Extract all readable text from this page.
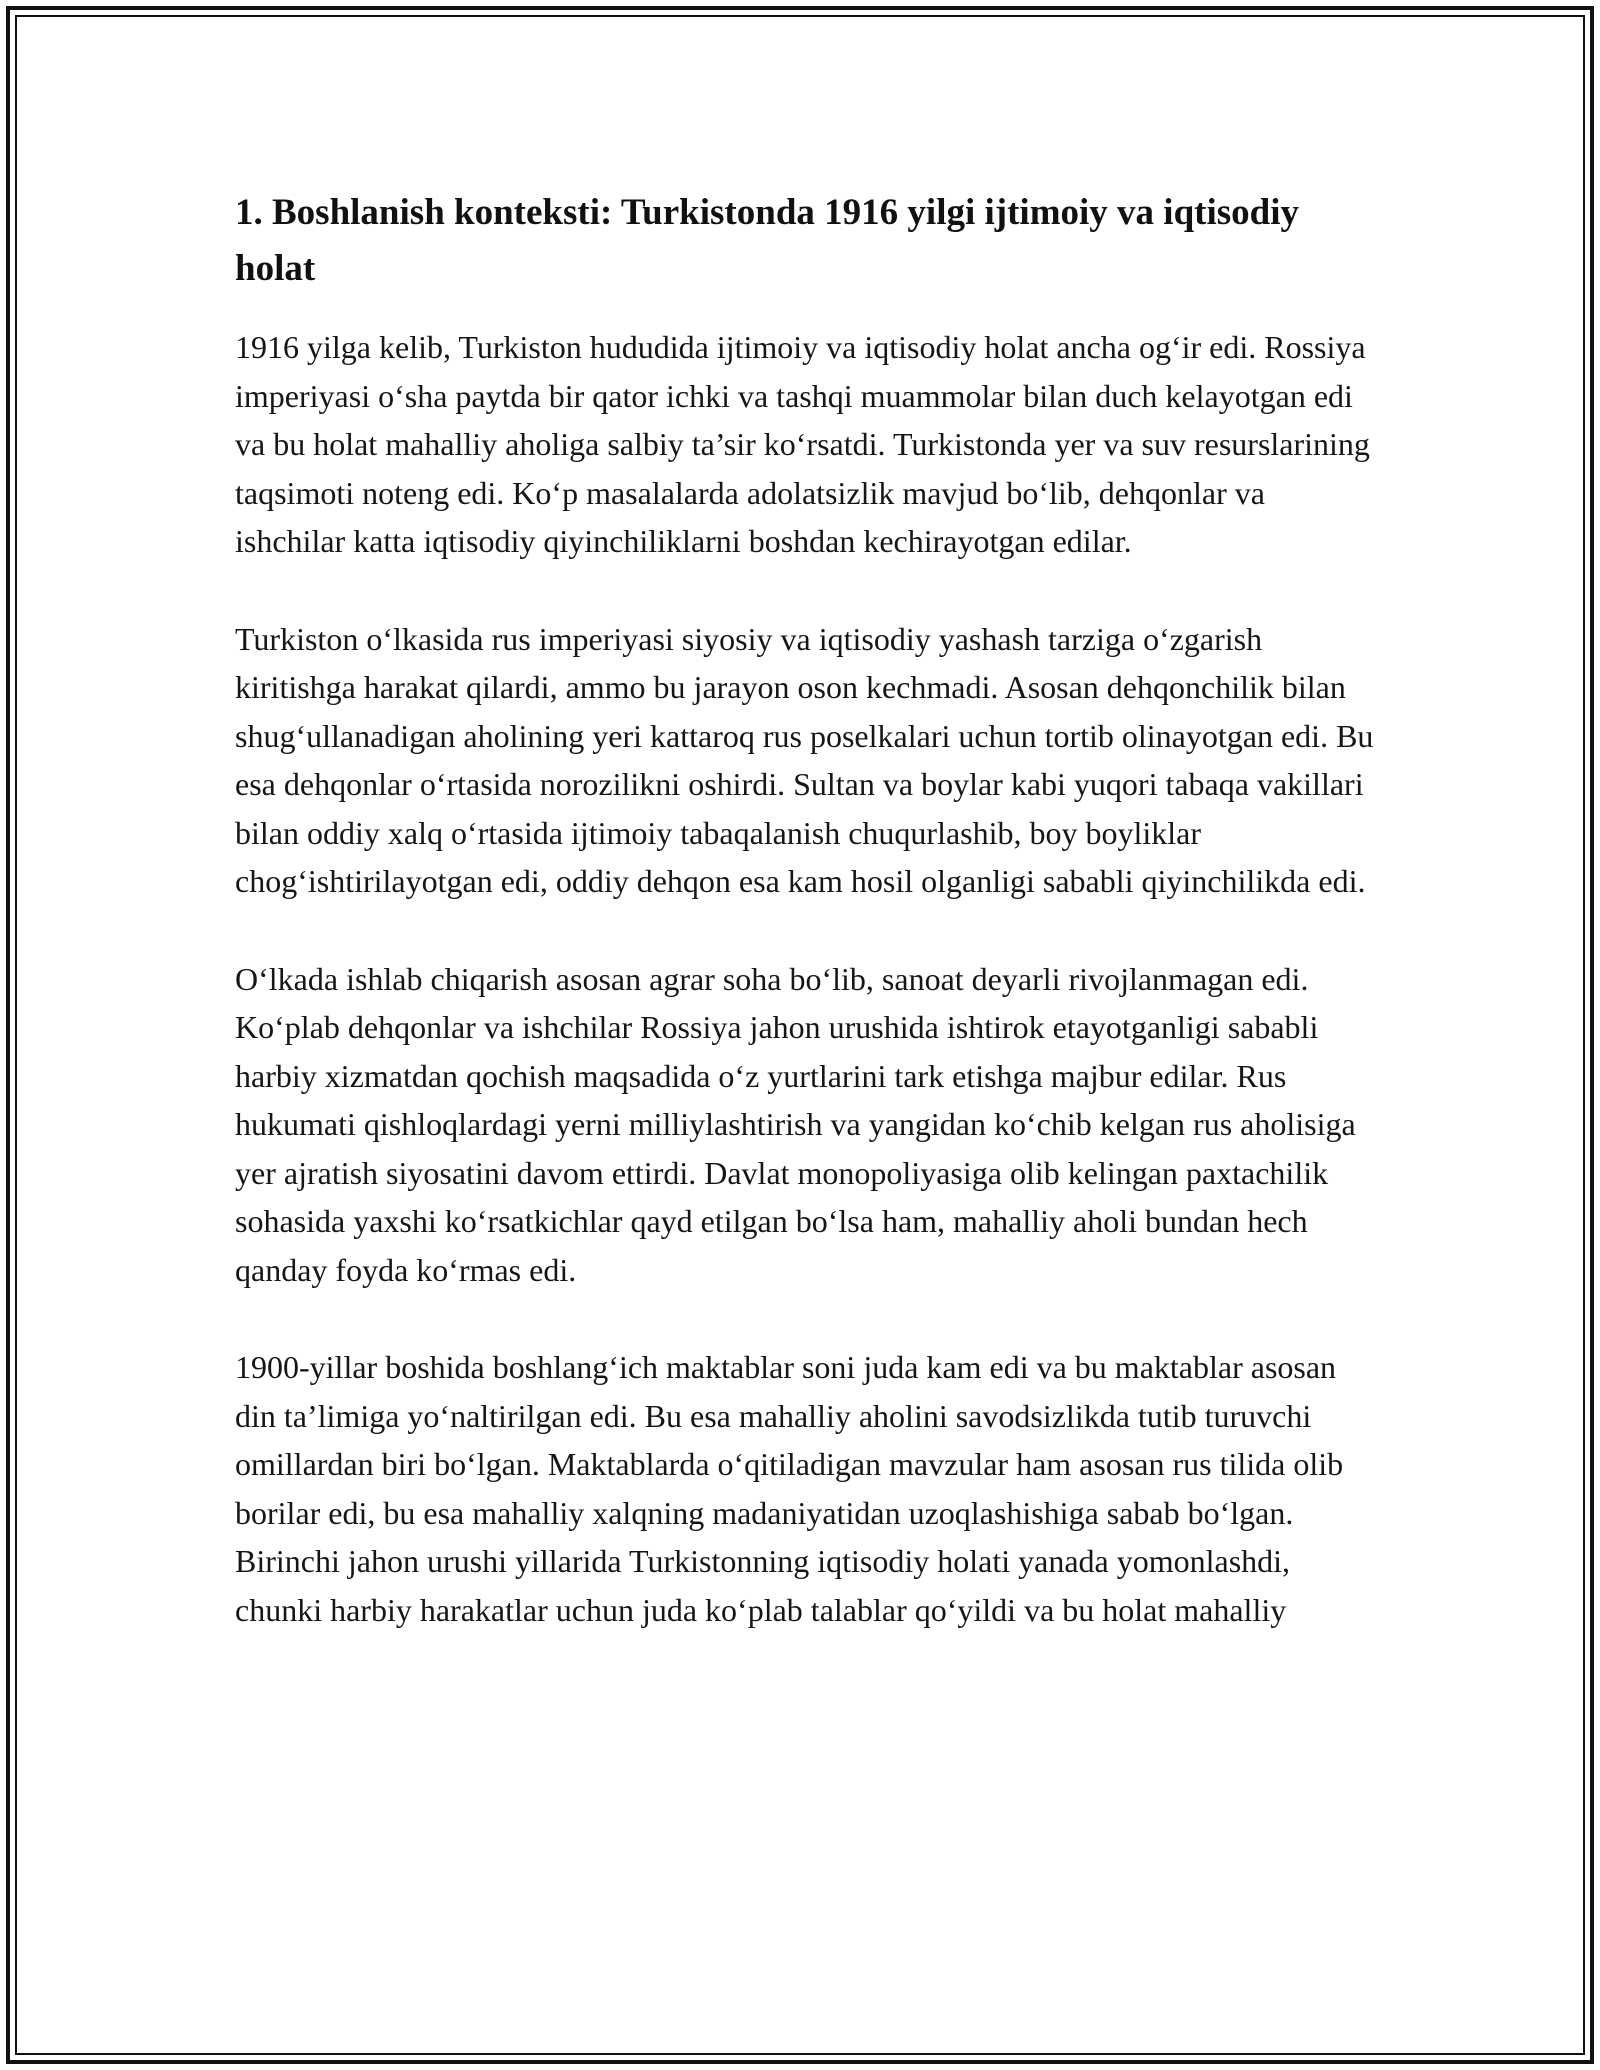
1. Boshlanish konteksti: Turkistonda 1916 yilgi ijtimoiy va iqtisodiy holat

1916 yilga kelib, Turkiston hududida ijtimoiy va iqtisodiy holat ancha og‘ir edi. Rossiya imperiyasi o‘sha paytda bir qator ichki va tashqi muammolar bilan duch kelayotgan edi va bu holat mahalliy aholiga salbiy ta’sir ko‘rsatdi. Turkistonda yer va suv resurslarining taqsimoti noteng edi. Ko‘p masalalarda adolatsizlik mavjud bo‘lib, dehqonlar va ishchilar katta iqtisodiy qiyinchiliklarni boshdan kechirayotgan edilar.

Turkiston o‘lkasida rus imperiyasi siyosiy va iqtisodiy yashash tarziga o‘zgarish kiritishga harakat qilardi, ammo bu jarayon oson kechmadi. Asosan dehqonchilik bilan shug‘ullanadigan aholining yeri kattaroq rus poselkalari uchun tortib olinayotgan edi. Bu esa dehqonlar o‘rtasida norozilikni oshirdi. Sultan va boylar kabi yuqori tabaqa vakillari bilan oddiy xalq o‘rtasida ijtimoiy tabaqalanish chuqurlashib, boy boyliklar chog‘ishtirilayotgan edi, oddiy dehqon esa kam hosil olganligi sababli qiyinchilikda edi.

O‘lkada ishlab chiqarish asosan agrar soha bo‘lib, sanoat deyarli rivojlanmagan edi. Ko‘plab dehqonlar va ishchilar Rossiya jahon urushida ishtirok etayotganligi sababli harbiy xizmatdan qochish maqsadida o‘z yurtlarini tark etishga majbur edilar. Rus hukumati qishloqlardagi yerni milliylashtirish va yangidan ko‘chib kelgan rus aholisiga yer ajratish siyosatini davom ettirdi. Davlat monopoliyasiga olib kelingan paxtachilik sohasida yaxshi ko‘rsatkichlar qayd etilgan bo‘lsa ham, mahalliy aholi bundan hech qanday foyda ko‘rmas edi.

1900-yillar boshida boshlang‘ich maktablar soni juda kam edi va bu maktablar asosan din ta’limiga yo‘naltirilgan edi. Bu esa mahalliy aholini savodsizlikda tutib turuvchi omillardan biri bo‘lgan. Maktablarda o‘qitiladigan mavzular ham asosan rus tilida olib borilar edi, bu esa mahalliy xalqning madaniyatidan uzoqlashishiga sabab bo‘lgan. Birinchi jahon urushi yillarida Turkistonning iqtisodiy holati yanada yomonlashdi, chunki harbiy harakatlar uchun juda ko‘plab talablar qo‘yildi va bu holat mahalliy
